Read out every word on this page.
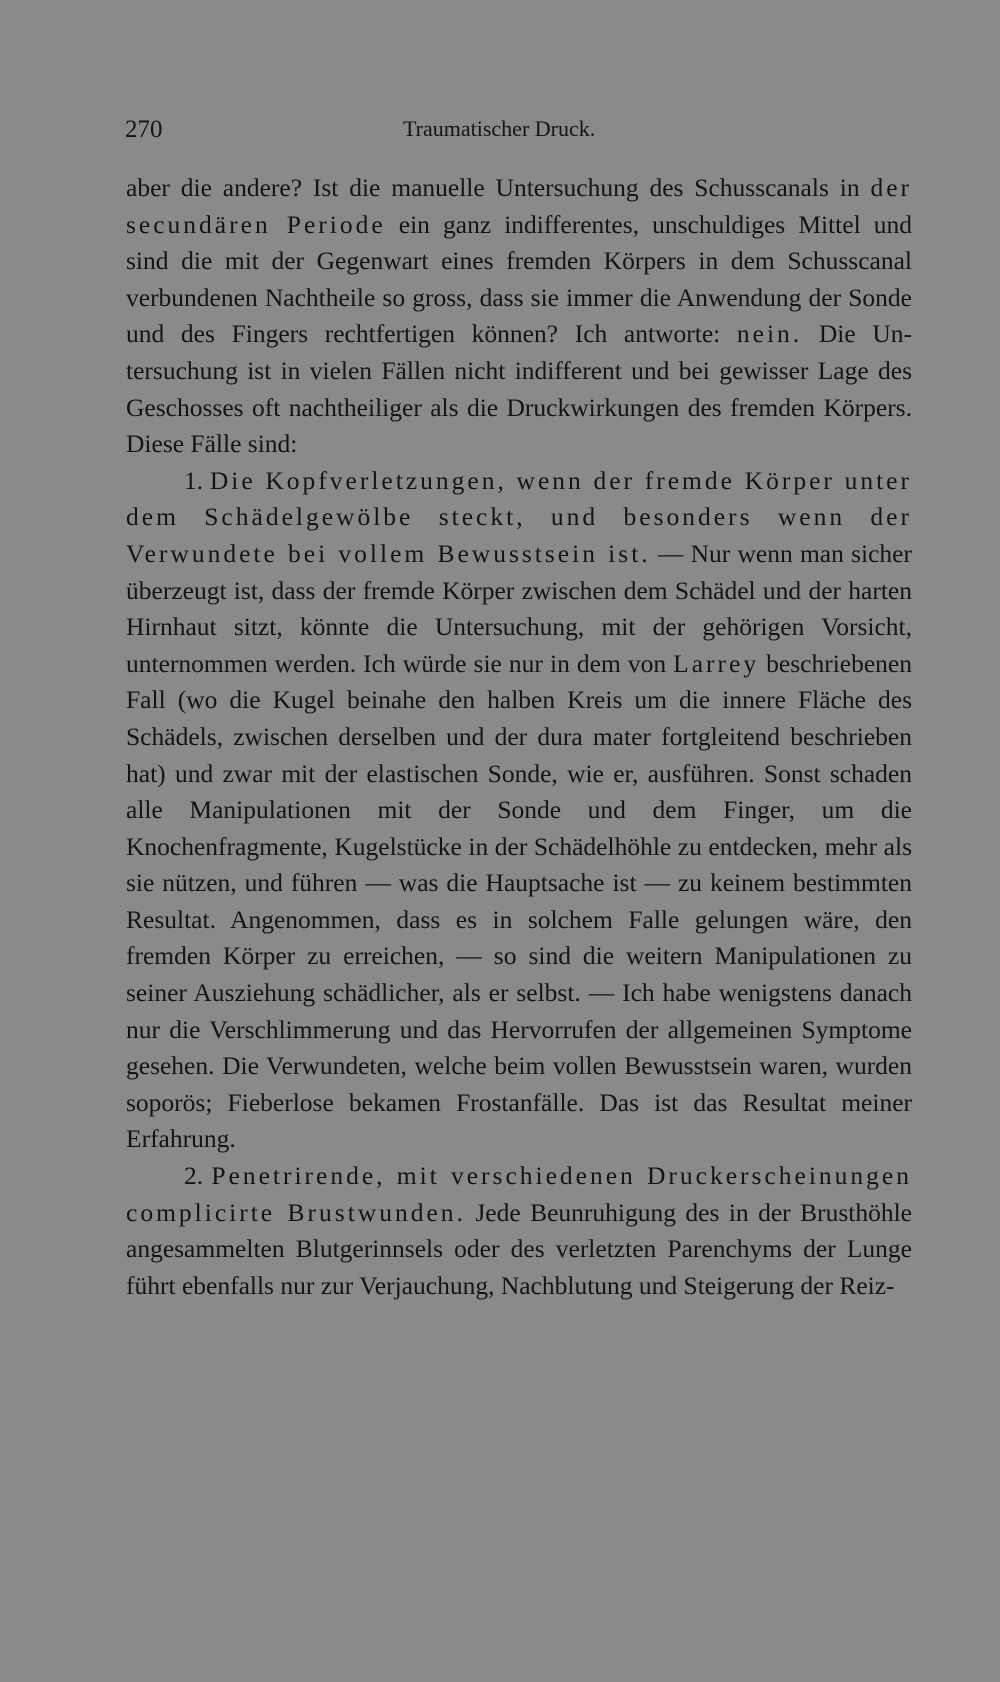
270	Traumatischer Druck.

aber die andere? Ist die manuelle Untersuchung des Schusscanals in der secundären Periode ein ganz indifferentes, unschuldiges Mittel und sind die mit der Gegenwart eines fremden Körpers in dem Schusscanal verbundenen Nachtheile so gross, dass sie immer die Anwendung der Sonde und des Fingers rechtfertigen können? Ich antworte: nein. Die Untersuchung ist in vielen Fällen nicht indifferent und bei gewisser Lage des Geschosses oft nachtheiliger als die Druckwirkungen des fremden Körpers. Diese Fälle sind:

1. Die Kopfverletzungen, wenn der fremde Körper unter dem Schädelgewölbe steckt, und besonders wenn der Verwundete bei vollem Bewusstsein ist. — Nur wenn man sicher überzeugt ist, dass der fremde Körper zwischen dem Schädel und der harten Hirnhaut sitzt, könnte die Untersuchung, mit der gehörigen Vorsicht, unternommen werden. Ich würde sie nur in dem von Larrey beschriebenen Fall (wo die Kugel beinahe den halben Kreis um die innere Fläche des Schädels, zwischen derselben und der dura mater fortgleitend beschrieben hat) und zwar mit der elastischen Sonde, wie er, ausführen. Sonst schaden alle Manipulationen mit der Sonde und dem Finger, um die Knochenfragmente, Kugelstücke in der Schädelhöhle zu entdecken, mehr als sie nützen, und führen — was die Hauptsache ist — zu keinem bestimmten Resultat. Angenommen, dass es in solchem Falle gelungen wäre, den fremden Körper zu erreichen, — so sind die weitern Manipulationen zu seiner Ausziehung schädlicher, als er selbst. — Ich habe wenigstens danach nur die Verschlimmerung und das Hervorrufen der allgemeinen Symptome gesehen. Die Verwundeten, welche beim vollen Bewusstsein waren, wurden soporös; Fieberlose bekamen Frostanfälle. Das ist das Resultat meiner Erfahrung.

2. Penetrirende, mit verschiedenen Druckerscheinungen complicirte Brustwunden. Jede Beunruhigung des in der Brusthöhle angesammelten Blutgerinnsels oder des verletzten Parenchyms der Lunge führt ebenfalls nur zur Verjauchung, Nachblutung und Steigerung der Reiz-
